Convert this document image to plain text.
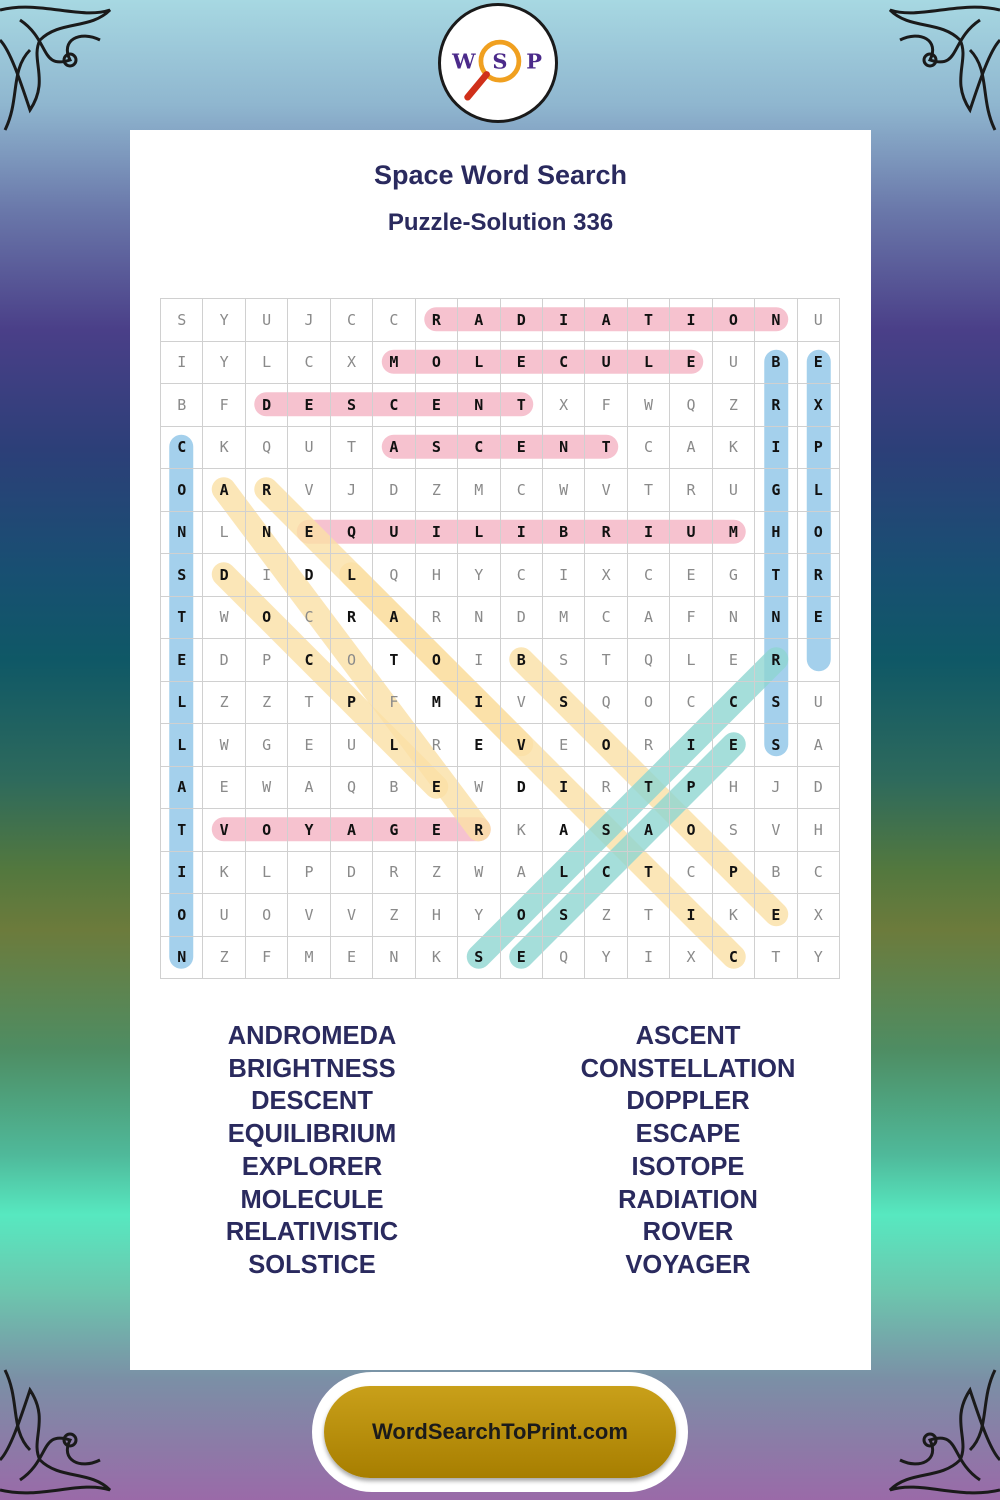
W S P
Space Word Search
Puzzle-Solution 336
S	Y	U	J	C	C	R	A	D	I	A	T	I	O	N	U
I	Y	L	C	X	M	O	L	E	C	U	L	E	U	B	E
B	F	D	E	S	C	E	N	T	X	F	W	Q	Z	R	X
C	K	Q	U	T	A	S	C	E	N	T	C	A	K	I	P
O	A	R	V	J	D	Z	M	C	W	V	T	R	U	G	L
N	L	N	E	Q	U	I	L	I	B	R	I	U	M	H	O
S	D	I	D	L	Q	H	Y	C	I	X	C	E	G	T	R
T	W	O	C	R	A	R	N	D	M	C	A	F	N	N	E
E	D	P	C	O	T	O	I	B	S	T	Q	L	E	R	
L	Z	Z	T	P	F	M	I	V	S	Q	O	C	C	S	U
L	W	G	E	U	L	R	E	V	E	O	R	I	E	S	A
A	E	W	A	Q	B	E	W	D	I	R	T	P	H	J	D
T	V	O	Y	A	G	E	R	K	A	S	A	O	S	V	H
I	K	L	P	D	R	Z	W	A	L	C	T	C	P	B	C
O	U	O	V	V	Z	H	Y	O	S	Z	T	I	K	E	X
N	Z	F	M	E	N	K	S	E	Q	Y	I	X	C	T	Y
ANDROMEDA
BRIGHTNESS
DESCENT
EQUILIBRIUM
EXPLORER
MOLECULE
RELATIVISTIC
SOLSTICE
ASCENT
CONSTELLATION
DOPPLER
ESCAPE
ISOTOPE
RADIATION
ROVER
VOYAGER
WordSearchToPrint.com
